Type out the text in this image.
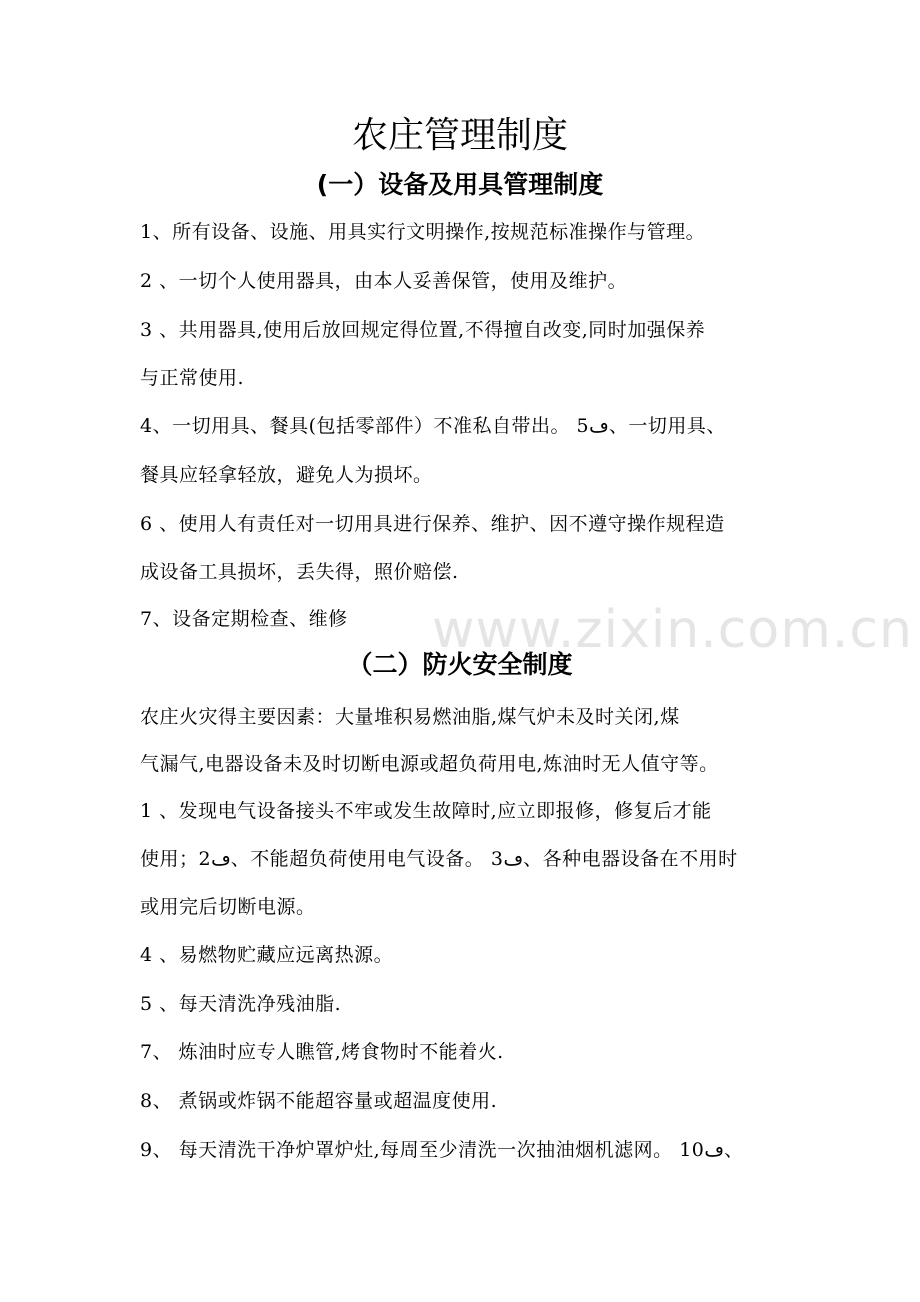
农庄管理制度
(一）设备及用具管理制度
1、所有设备、设施、用具实行文明操作,按规范标准操作与管理。
2 、一切个人使用器具，由本人妥善保管，使用及维护。
3 、共用器具,使用后放回规定得位置,不得擅自改变,同时加强保养
与正常使用.
4、一切用具、餐具(包括零部件）不准私自带出。 5ڡ、一切用具、
餐具应轻拿轻放，避免人为损坏。
6 、使用人有责任对一切用具进行保养、维护、因不遵守操作规程造
成设备工具损坏，丢失得，照价赔偿.
7、设备定期检查、维修	www.zixin.com.cn
（二）防火安全制度
农庄火灾得主要因素：大量堆积易燃油脂,煤气炉未及时关闭,煤
气漏气,电器设备未及时切断电源或超负荷用电,炼油时无人值守等。
1 、发现电气设备接头不牢或发生故障时,应立即报修，修复后才能
使用；2ڡ、不能超负荷使用电气设备。 3ڡ、各种电器设备在不用时
或用完后切断电源。
4 、易燃物贮藏应远离热源。
5 、每天清洗净残油脂.
7、 炼油时应专人瞧管,烤食物时不能着火.
8、 煮锅或炸锅不能超容量或超温度使用.
9、 每天清洗干净炉罩炉灶,每周至少清洗一次抽油烟机滤网。 10ڡ、
